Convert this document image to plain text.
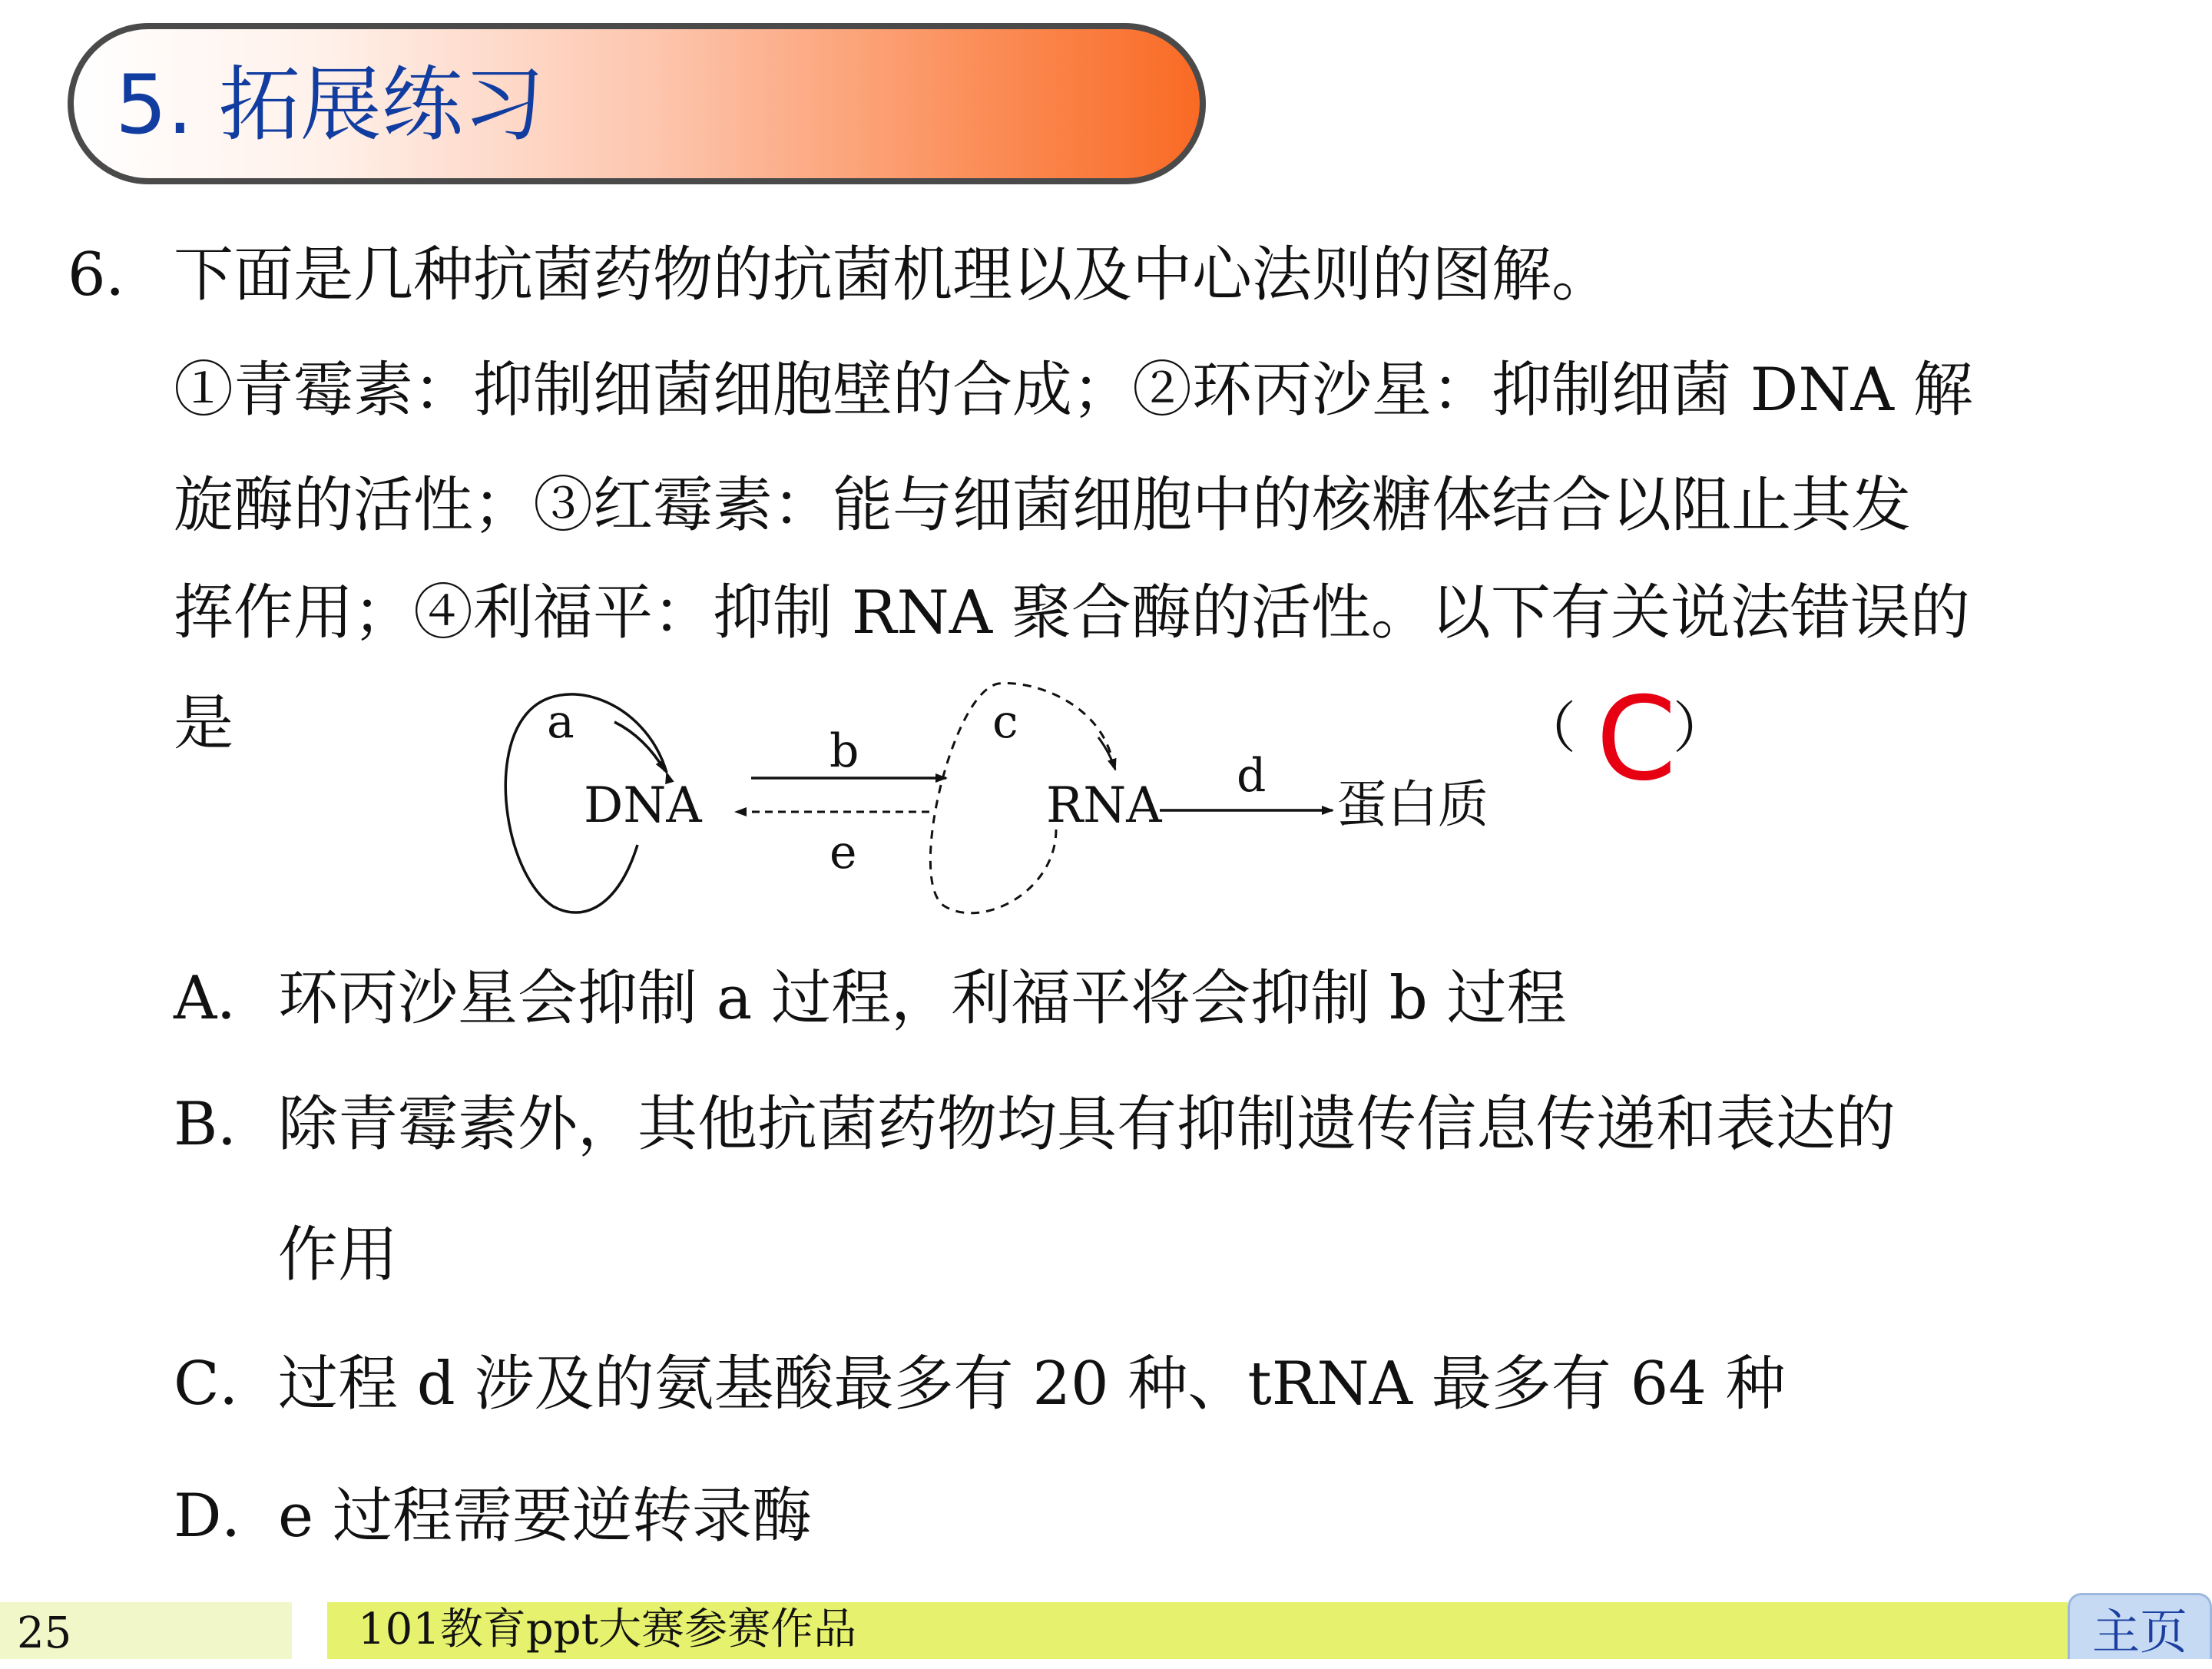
5. 拓展练习
6． 下面是几种抗菌药物的抗菌机理以及中心法则的图解。
①青霉素：抑制细菌细胞壁的合成；②环丙沙星：抑制细菌 DNA 解
旋酶的活性；③红霉素：能与细菌细胞中的核糖体结合以阻止其发
挥作用；④利福平：抑制 RNA 聚合酶的活性。以下有关说法错误的
是	（ C
）
a
DNA
b
e
c
RNA
d 蛋白质
A． 环丙沙星会抑制 a 过程，利福平将会抑制 b 过程
B． 除青霉素外，其他抗菌药物均具有抑制遗传信息传递和表达的
作用
C．
过程 d 涉及的氨基酸最多有 20 种、tRNA 最多有 64 种
D．
e 过程需要逆转录酶
25	101教育ppt大赛参赛作品	主页
